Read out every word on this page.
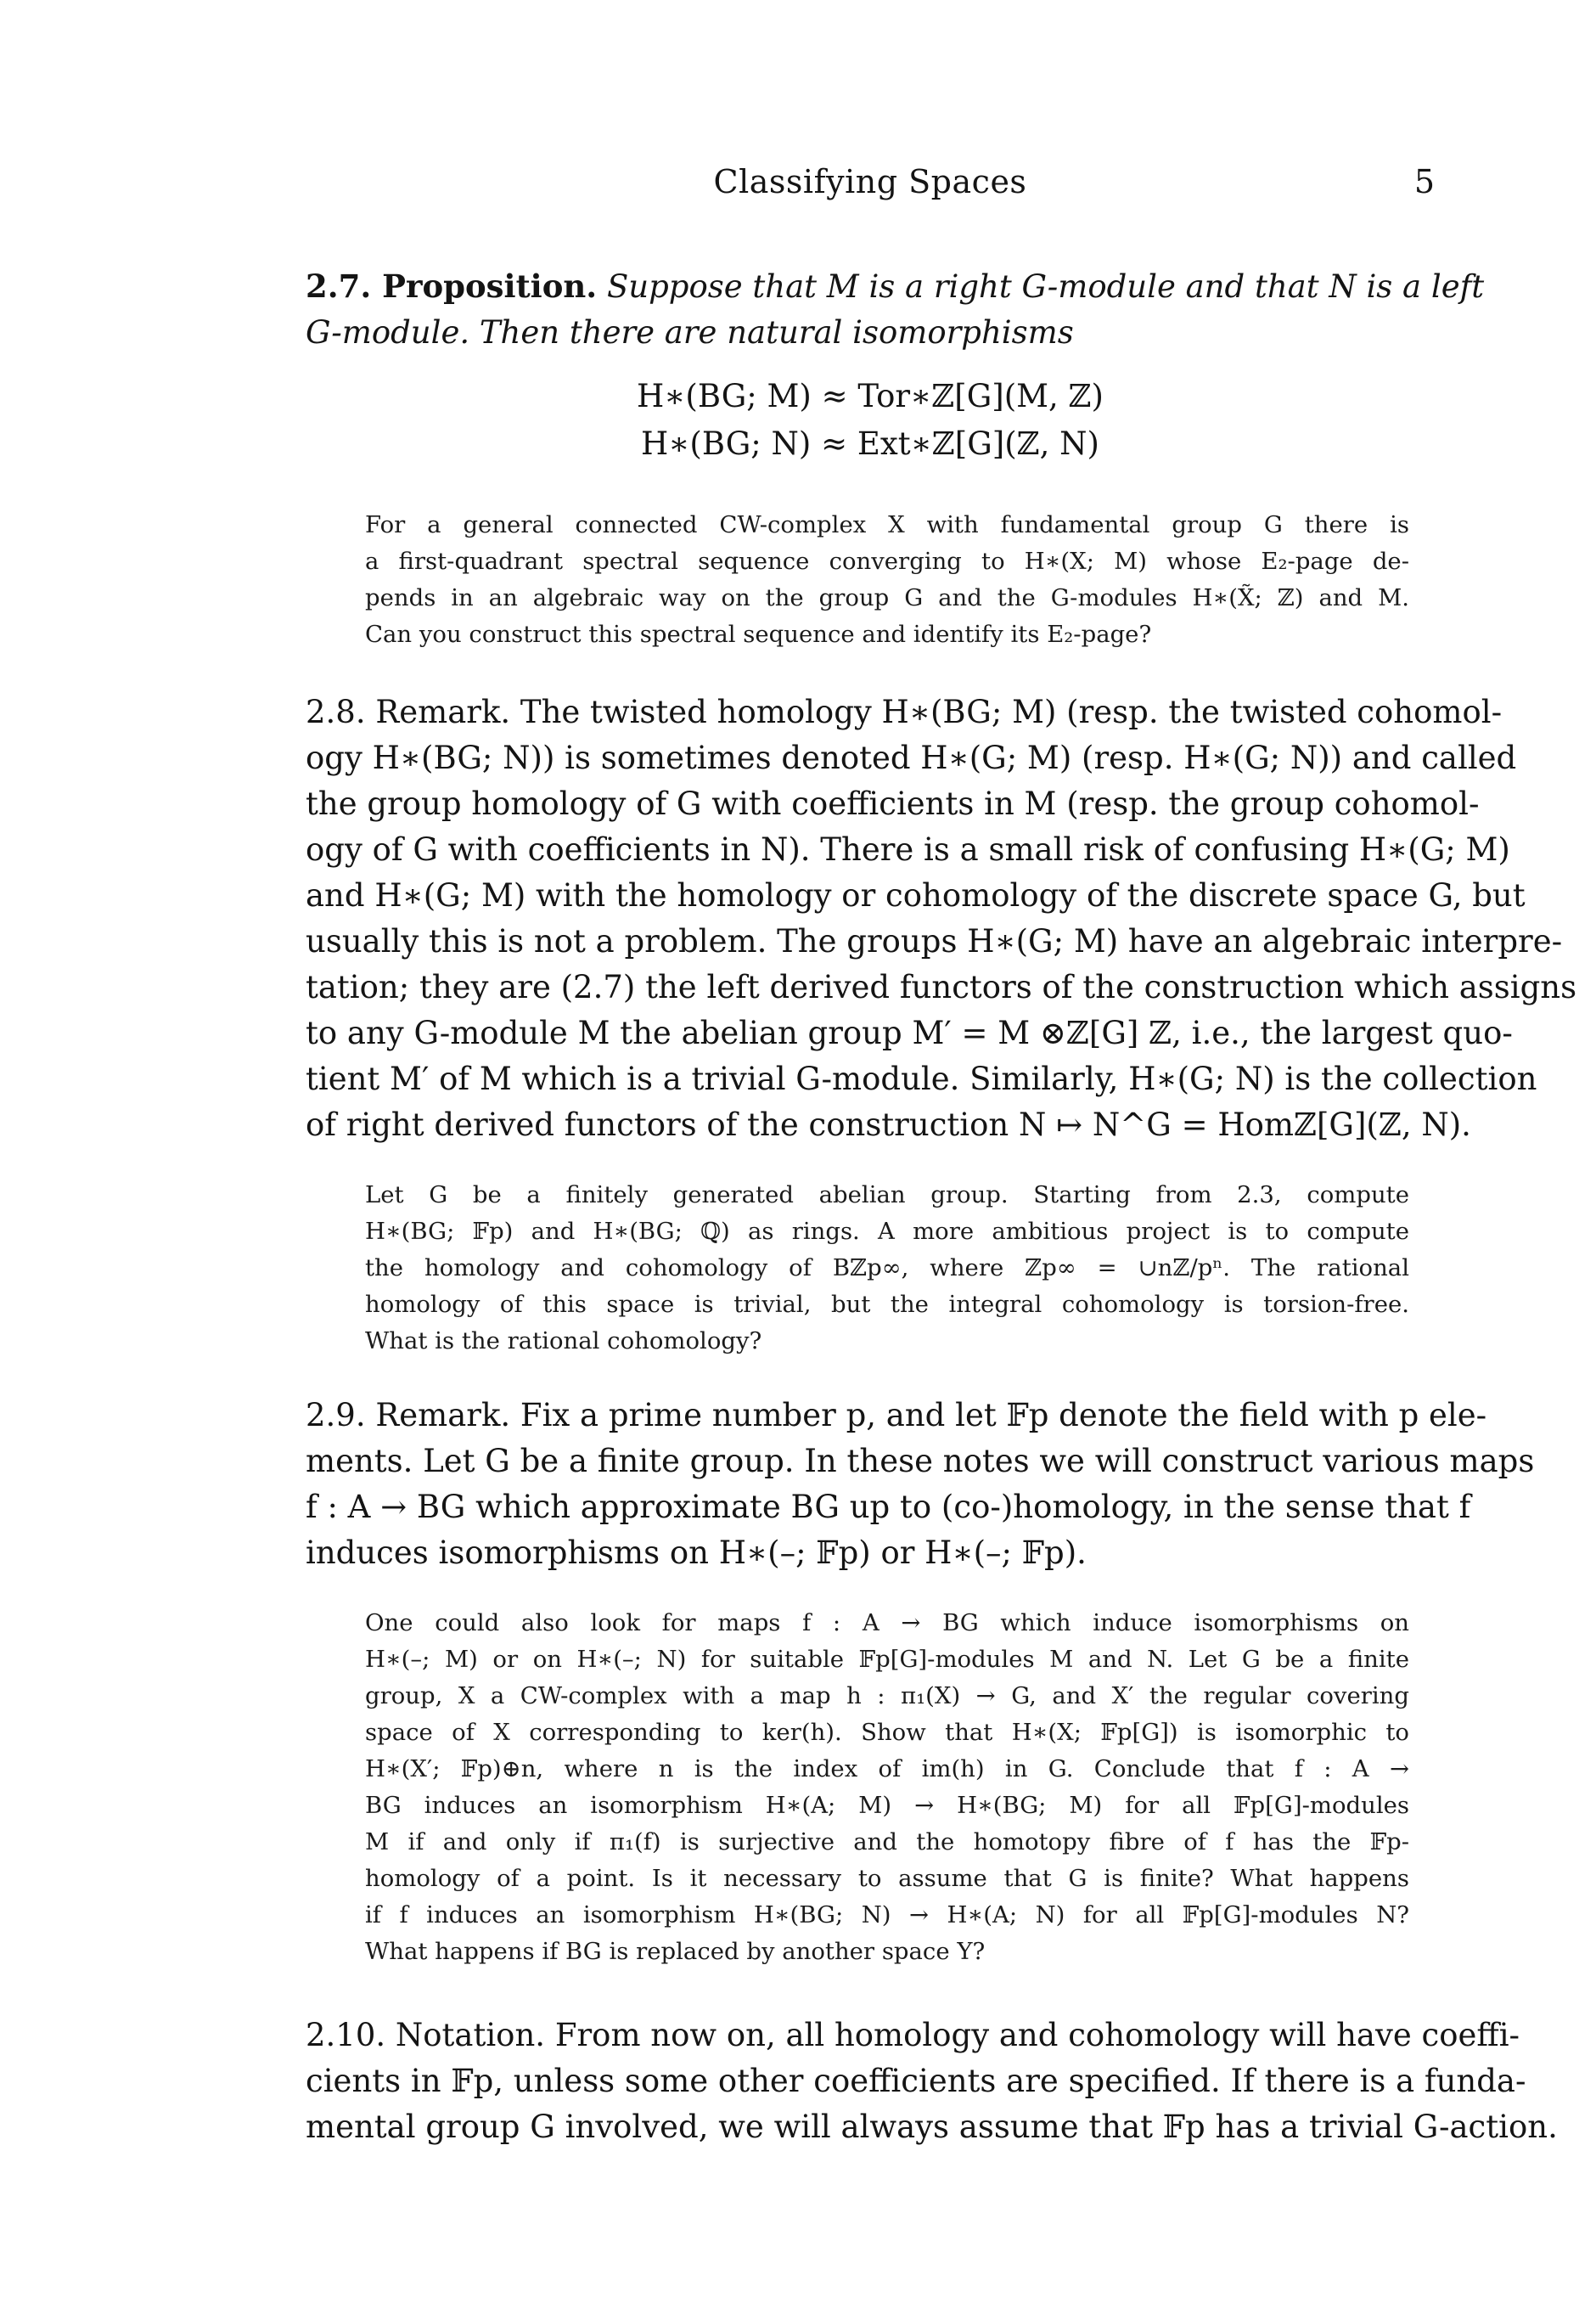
Classifying Spaces	5
2.7. Proposition. Suppose that M is a right G-module and that N is a left
G-module. Then there are natural isomorphisms
H∗(BG; M) ≈ Tor∗ℤ[G](M, ℤ)
H∗(BG; N) ≈ Ext∗ℤ[G](ℤ, N)
For a general connected CW-complex X with fundamental group G there is
a first-quadrant spectral sequence converging to H∗(X; M) whose E₂-page de-
pends in an algebraic way on the group G and the G-modules H∗(X̃; ℤ) and M.
Can you construct this spectral sequence and identify its E₂-page?
2.8. Remark. The twisted homology H∗(BG; M) (resp. the twisted cohomol-
ogy H∗(BG; N)) is sometimes denoted H∗(G; M) (resp. H∗(G; N)) and called
the group homology of G with coefficients in M (resp. the group cohomol-
ogy of G with coefficients in N). There is a small risk of confusing H∗(G; M)
and H∗(G; M) with the homology or cohomology of the discrete space G, but
usually this is not a problem. The groups H∗(G; M) have an algebraic interpre-
tation; they are (2.7) the left derived functors of the construction which assigns
to any G-module M the abelian group M′ = M ⊗ℤ[G] ℤ, i.e., the largest quo-
tient M′ of M which is a trivial G-module. Similarly, H∗(G; N) is the collection
of right derived functors of the construction N ↦ N^G = Homℤ[G](ℤ, N).
Let G be a finitely generated abelian group. Starting from 2.3, compute
H∗(BG; 𝔽p) and H∗(BG; ℚ) as rings. A more ambitious project is to compute
the homology and cohomology of Bℤp∞, where ℤp∞ = ∪nℤ/pⁿ. The rational
homology of this space is trivial, but the integral cohomology is torsion-free.
What is the rational cohomology?
2.9. Remark. Fix a prime number p, and let 𝔽p denote the field with p ele-
ments. Let G be a finite group. In these notes we will construct various maps
f : A → BG which approximate BG up to (co-)homology, in the sense that f
induces isomorphisms on H∗(–; 𝔽p) or H∗(–; 𝔽p).
One could also look for maps f : A → BG which induce isomorphisms on
H∗(–; M) or on H∗(–; N) for suitable 𝔽p[G]-modules M and N. Let G be a finite
group, X a CW-complex with a map h : π₁(X) → G, and X′ the regular covering
space of X corresponding to ker(h). Show that H∗(X; 𝔽p[G]) is isomorphic to
H∗(X′; 𝔽p)⊕n, where n is the index of im(h) in G. Conclude that f : A →
BG induces an isomorphism H∗(A; M) → H∗(BG; M) for all 𝔽p[G]-modules
M if and only if π₁(f) is surjective and the homotopy fibre of f has the 𝔽p-
homology of a point. Is it necessary to assume that G is finite? What happens
if f induces an isomorphism H∗(BG; N) → H∗(A; N) for all 𝔽p[G]-modules N?
What happens if BG is replaced by another space Y?
2.10. Notation. From now on, all homology and cohomology will have coeffi-
cients in 𝔽p, unless some other coefficients are specified. If there is a funda-
mental group G involved, we will always assume that 𝔽p has a trivial G-action.
